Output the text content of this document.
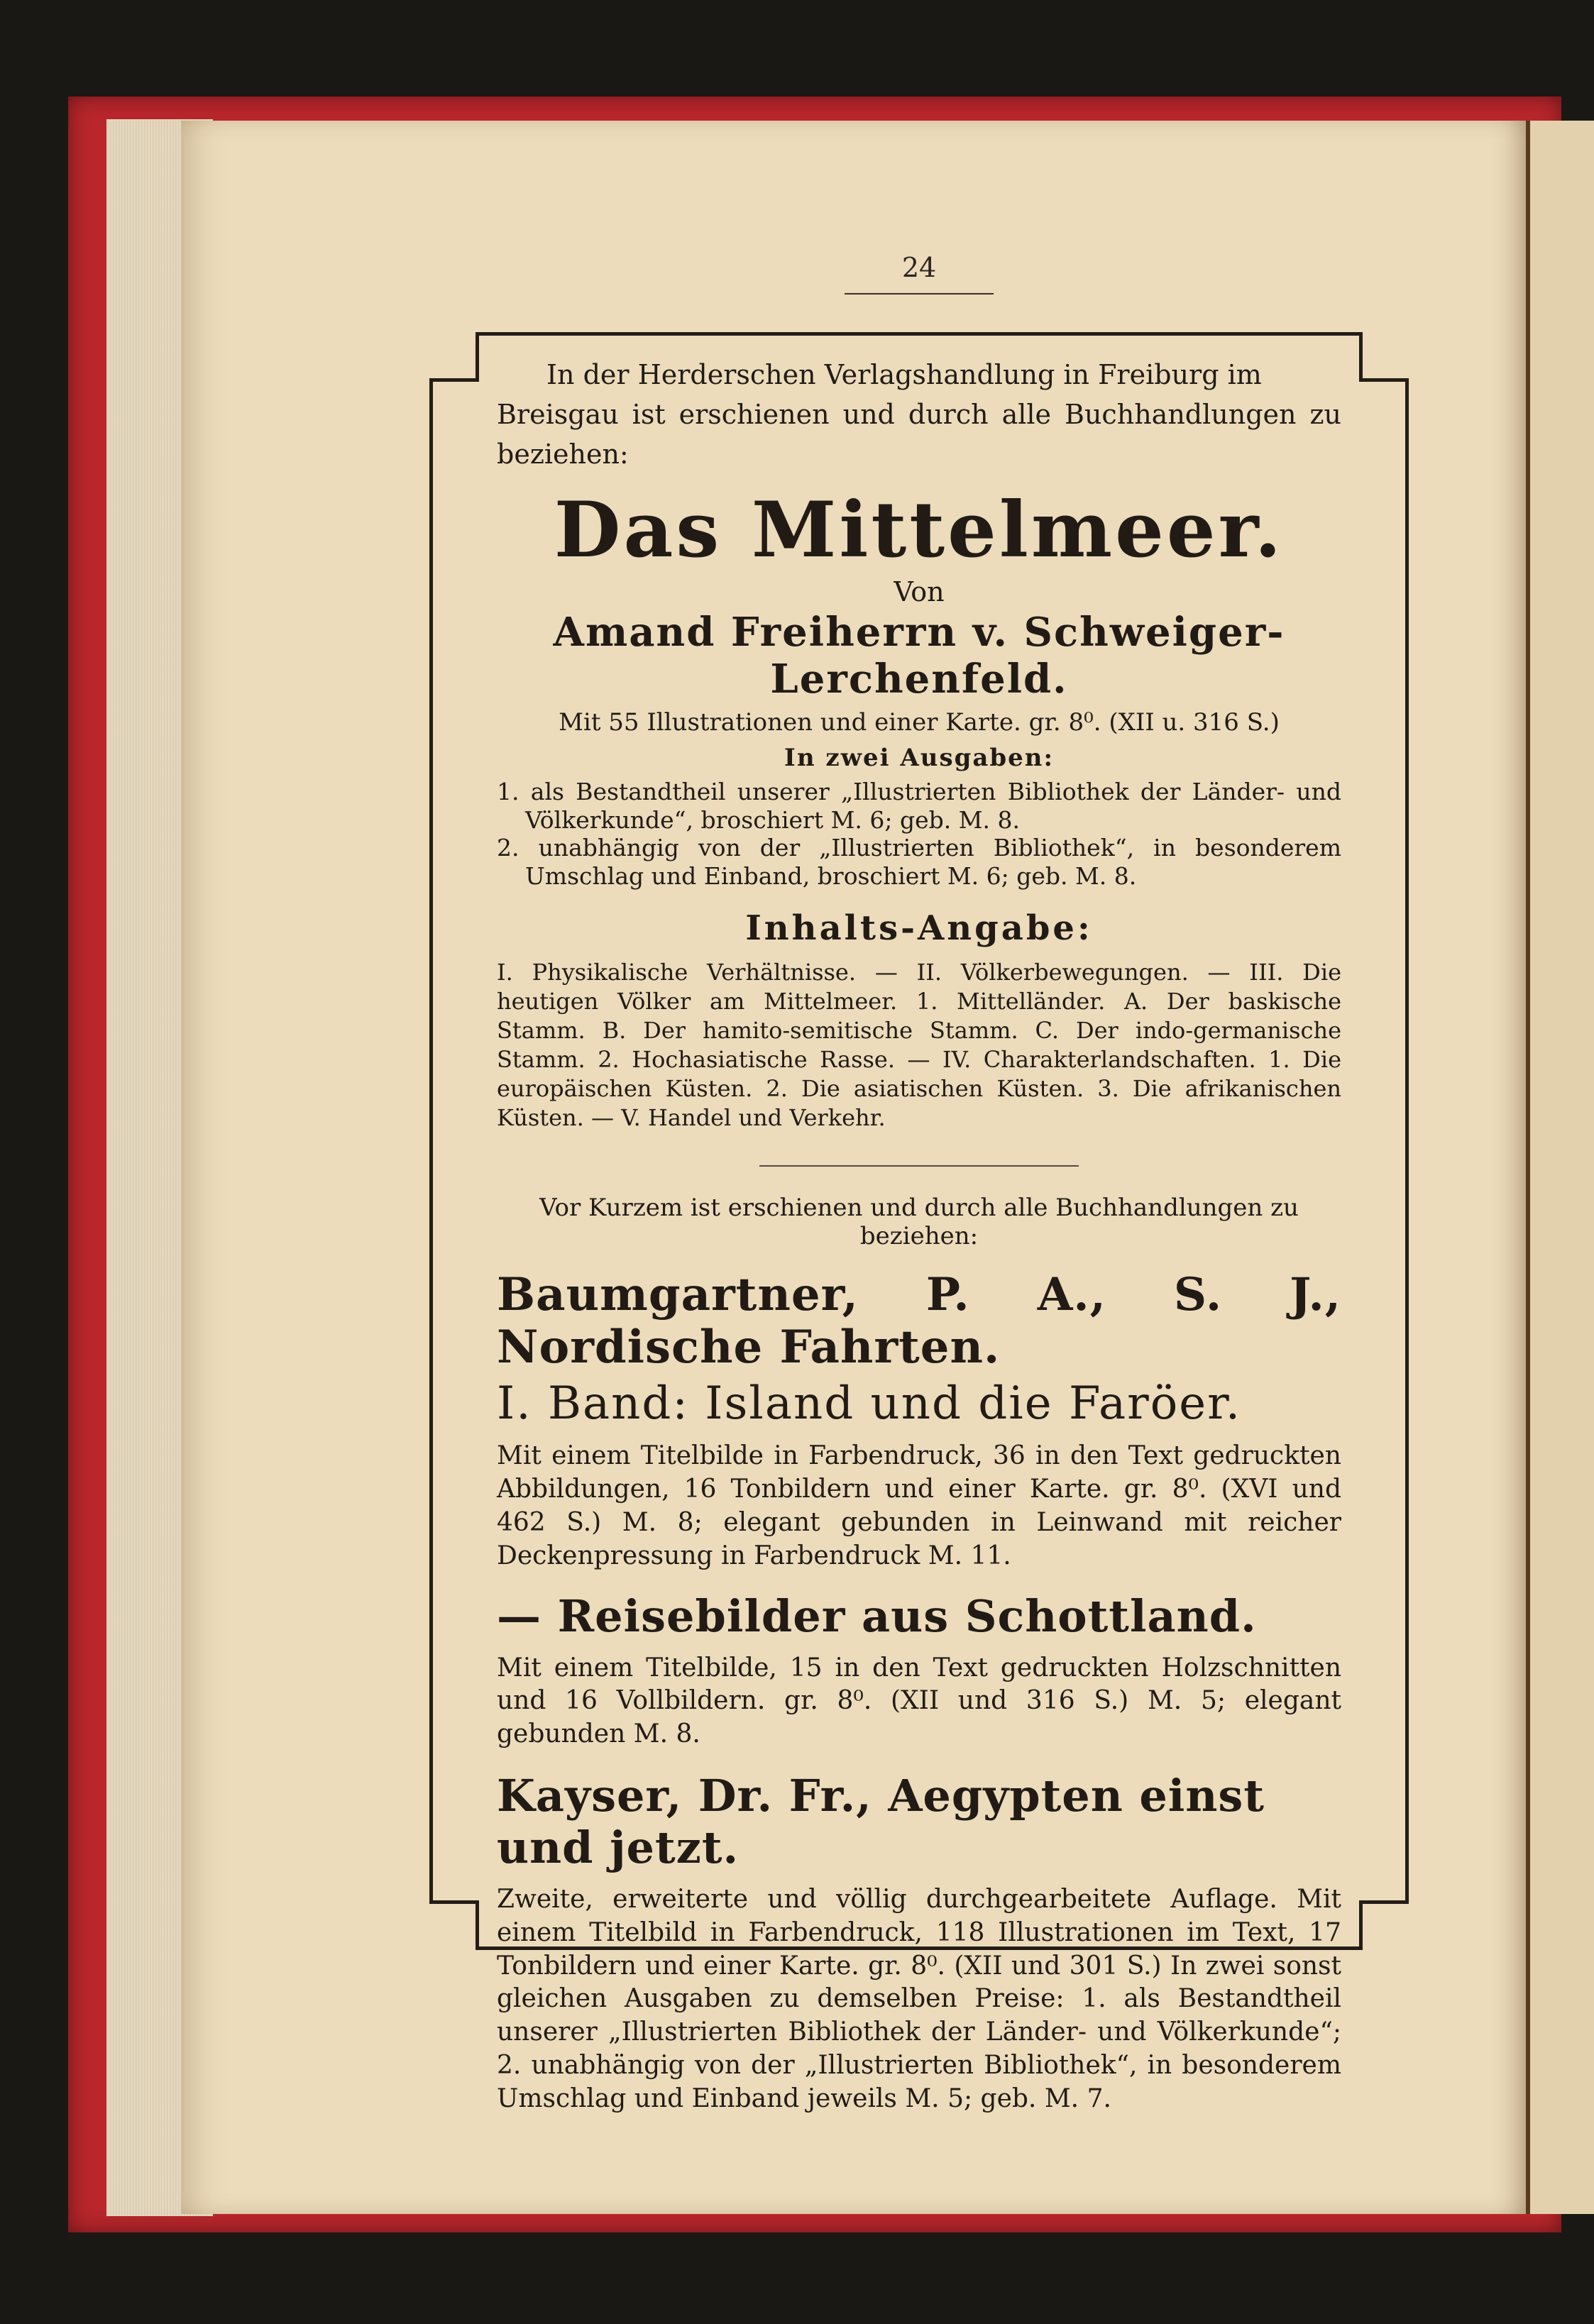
24
In der Herderschen Verlagshandlung in Freiburg im
Breisgau ist erschienen und durch alle Buchhandlungen zu beziehen:
Das Mittelmeer.
Von
Amand Freiherrn v. Schweiger-Lerchenfeld.
Mit 55 Illustrationen und einer Karte. gr. 8⁰. (XII u. 316 S.)
In zwei Ausgaben:

1. als Bestandtheil unserer „Illustrierten Bibliothek der Länder- und Völkerkunde“, broschiert M. 6; geb. M. 8.

2. unabhängig von der „Illustrierten Bibliothek“, in besonderem Umschlag und Einband, broschiert M. 6; geb. M. 8.

Inhalts-Angabe:
I. Physikalische Verhältnisse. — II. Völkerbewegungen. — III. Die heutigen Völker am Mittelmeer. 1. Mittelländer. A. Der baskische Stamm. B. Der hamito-semitische Stamm. C. Der indo-germanische Stamm. 2. Hochasiatische Rasse. — IV. Charakterlandschaften. 1. Die europäischen Küsten. 2. Die asiatischen Küsten. 3. Die afrikanischen Küsten. — V. Handel und Verkehr.
Vor Kurzem ist erschienen und durch alle Buchhandlungen zu beziehen:
Baumgartner, P. A., S. J., Nordische Fahrten.
I. Band: Island und die Faröer.
Mit einem Titelbilde in Farbendruck, 36 in den Text gedruckten Abbildungen, 16 Tonbildern und einer Karte. gr. 8⁰. (XVI und 462 S.) M. 8; elegant gebunden in Leinwand mit reicher Deckenpressung in Farbendruck M. 11.
— Reisebilder aus Schottland.
Mit einem Titelbilde, 15 in den Text gedruckten Holzschnitten und 16 Vollbildern. gr. 8⁰. (XII und 316 S.) M. 5; elegant gebunden M. 8.
Kayser, Dr. Fr., Aegypten einst und jetzt.
Zweite, erweiterte und völlig durchgearbeitete Auflage. Mit einem Titelbild in Farbendruck, 118 Illustrationen im Text, 17 Tonbildern und einer Karte. gr. 8⁰. (XII und 301 S.) In zwei sonst gleichen Ausgaben zu demselben Preise: 1. als Bestandtheil unserer „Illustrierten Bibliothek der Länder- und Völkerkunde“; 2. unabhängig von der „Illustrierten Bibliothek“, in besonderem Umschlag und Einband jeweils M. 5; geb. M. 7.
